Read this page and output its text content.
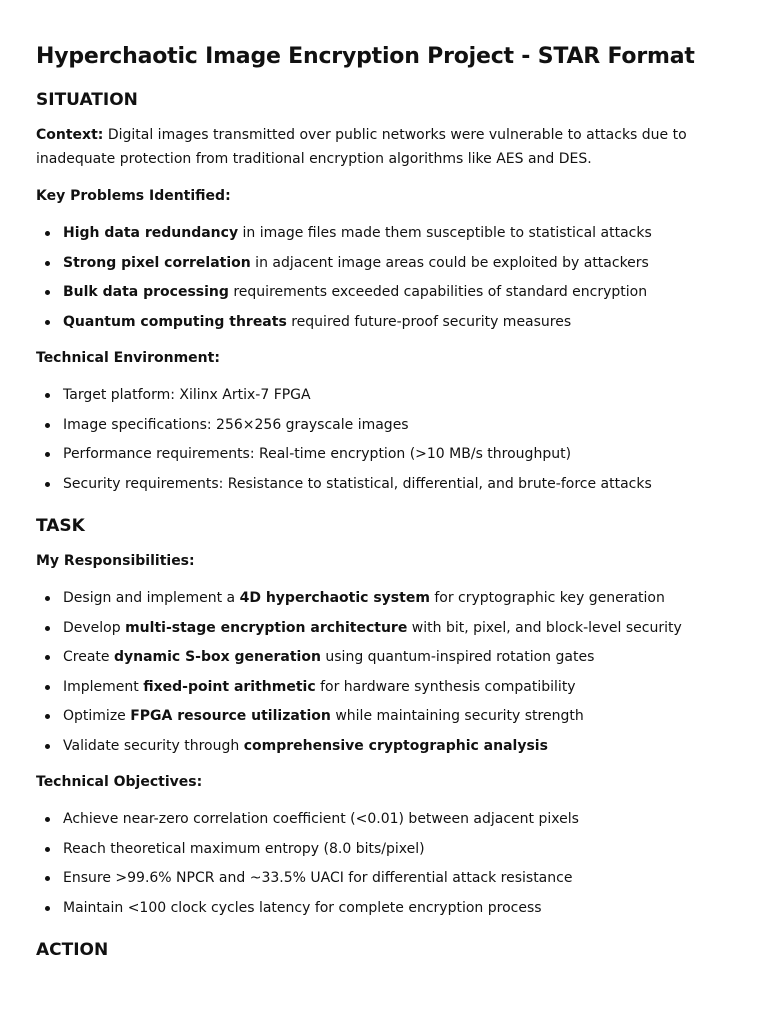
Hyperchaotic Image Encryption Project - STAR Format
SITUATION

Context: Digital images transmitted over public networks were vulnerable to attacks due to inadequate protection from traditional encryption algorithms like AES and DES.

Key Problems Identified:
High data redundancy in image files made them susceptible to statistical attacks
Strong pixel correlation in adjacent image areas could be exploited by attackers
Bulk data processing requirements exceeded capabilities of standard encryption
Quantum computing threats required future-proof security measures
Technical Environment:
Target platform: Xilinx Artix-7 FPGA
Image specifications: 256×256 grayscale images
Performance requirements: Real-time encryption (>10 MB/s throughput)
Security requirements: Resistance to statistical, differential, and brute-force attacks
TASK
My Responsibilities:
Design and implement a 4D hyperchaotic system for cryptographic key generation
Develop multi-stage encryption architecture with bit, pixel, and block-level security
Create dynamic S-box generation using quantum-inspired rotation gates
Implement fixed-point arithmetic for hardware synthesis compatibility
Optimize FPGA resource utilization while maintaining security strength
Validate security through comprehensive cryptographic analysis
Technical Objectives:
Achieve near-zero correlation coefficient (<0.01) between adjacent pixels
Reach theoretical maximum entropy (8.0 bits/pixel)
Ensure >99.6% NPCR and ~33.5% UACI for differential attack resistance
Maintain <100 clock cycles latency for complete encryption process
ACTION
